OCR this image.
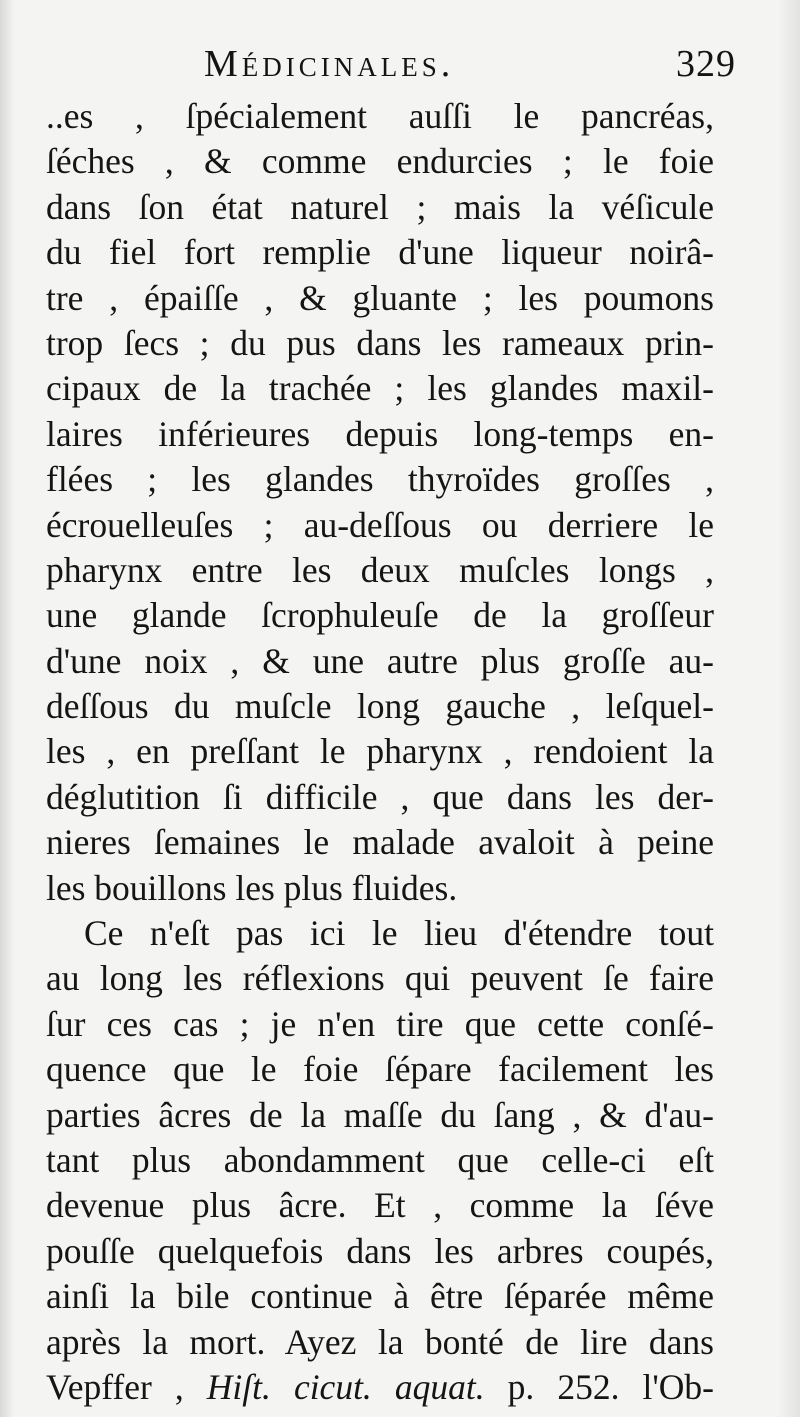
Médicinales.	329
..es , ſpécialement auſſi le pancréas,
ſéches , & comme endurcies ; le foie
dans ſon état naturel ; mais la véſicule
du fiel fort remplie d'une liqueur noirâ-
tre , épaiſſe , & gluante ; les poumons
trop ſecs ; du pus dans les rameaux prin-
cipaux de la trachée ; les glandes maxil-
laires inférieures depuis long-temps en-
flées ; les glandes thyroïdes groſſes ,
écrouelleuſes ; au-deſſous ou derriere le
pharynx entre les deux muſcles longs ,
une glande ſcrophuleuſe de la groſſeur
d'une noix , & une autre plus groſſe au-
deſſous du muſcle long gauche , leſquel-
les , en preſſant le pharynx , rendoient la
déglutition ſi difficile , que dans les der-
nieres ſemaines le malade avaloit à peine
les bouillons les plus fluides.
Ce n'eſt pas ici le lieu d'étendre tout
au long les réflexions qui peuvent ſe faire
ſur ces cas ; je n'en tire que cette conſé-
quence que le foie ſépare facilement les
parties âcres de la maſſe du ſang , & d'au-
tant plus abondamment que celle-ci eſt
devenue plus âcre. Et , comme la ſéve
pouſſe quelquefois dans les arbres coupés,
ainſi la bile continue à être ſéparée même
après la mort. Ayez la bonté de lire dans
Vepffer , Hiſt. cicut. aquat. p. 252. l'Ob-
